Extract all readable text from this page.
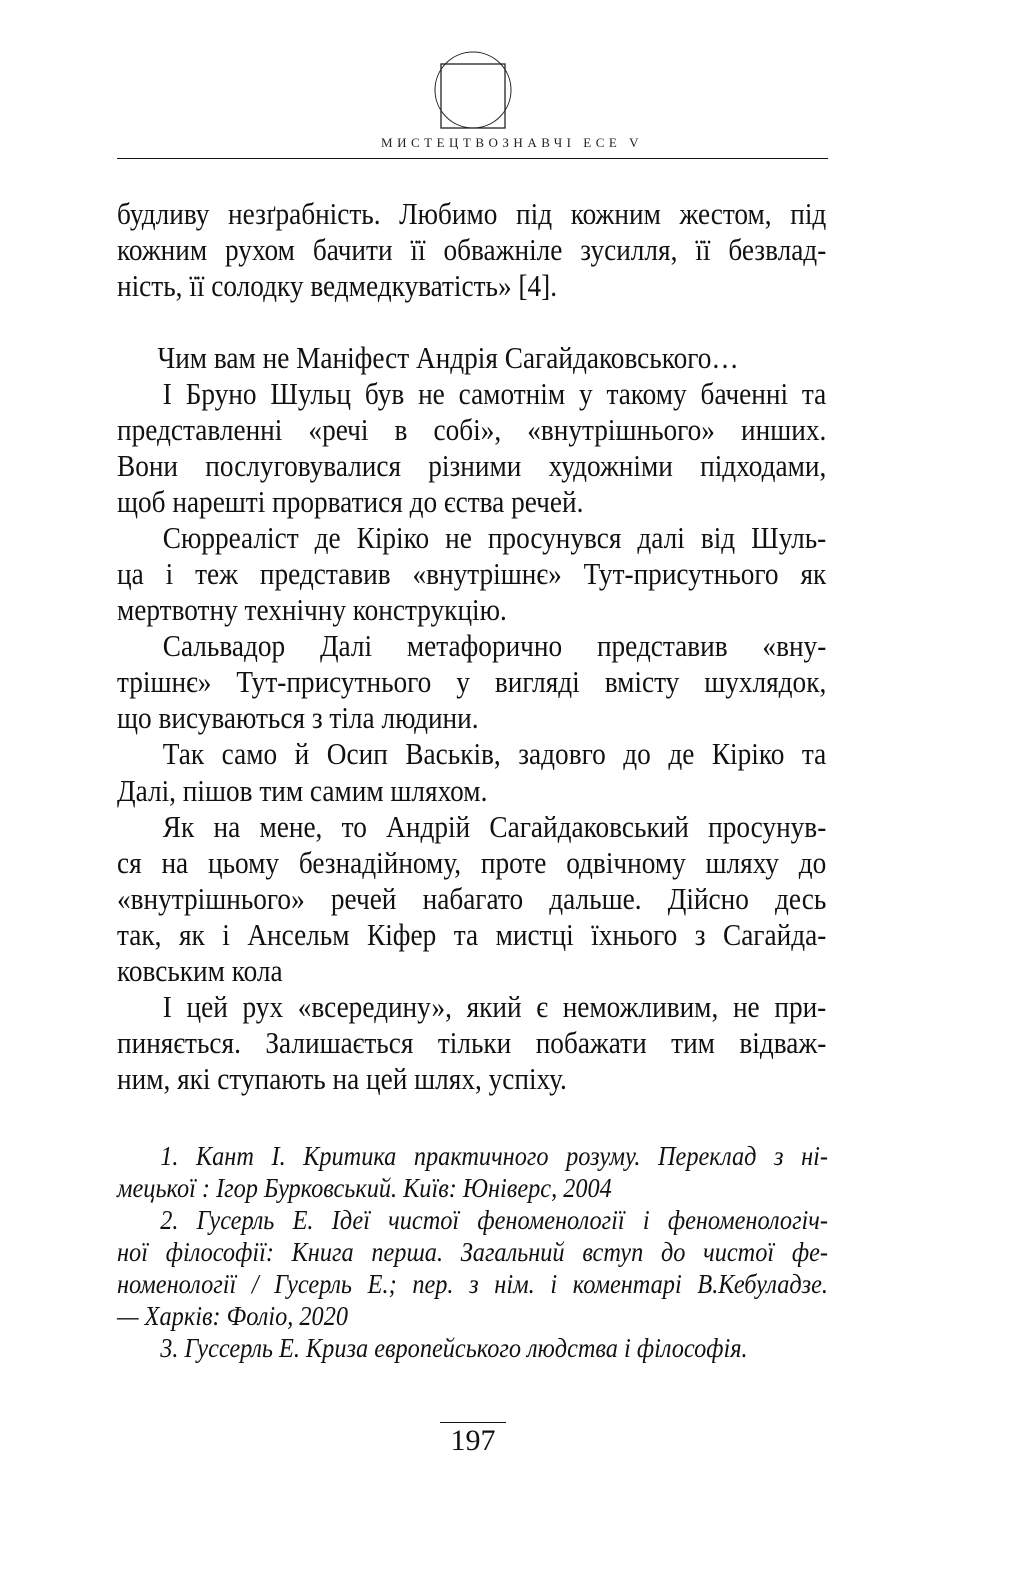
МИСТЕЦТВОЗНАВЧІ ЕСЕ V
будливу незґрабність. Любимо під кожним жестом, під
кожним рухом бачити її обважніле зусилля, її безвлад-
ність, її солодку ведмедкуватість» [4].
Чим вам не Маніфест Андрія Сагайдаковського…
І Бруно Шульц був не самотнім у такому баченні та
представленні «речі в собі», «внутрішнього» инших.
Вони послуговувалися різними художніми підходами,
щоб нарешті прорватися до єства речей.
Сюрреаліст де Кіріко не просунувся далі від Шуль-
ца і теж представив «внутрішнє» Тут-присутнього як
мертвотну технічну конструкцію.
Сальвадор Далі метафорично представив «вну-
трішнє» Тут-присутнього у вигляді вмісту шухлядок,
що висуваються з тіла людини.
Так само й Осип Васьків, задовго до де Кіріко та
Далі, пішов тим самим шляхом.
Як на мене, то Андрій Сагайдаковський просунув-
ся на цьому безнадійному, проте одвічному шляху до
«внутрішнього» речей набагато дальше. Дійсно десь
так, як і Ансельм Кіфер та мистці їхнього з Сагайда-
ковським кола
І цей рух «всередину», який є неможливим, не при-
пиняється. Залишається тільки побажати тим відваж-
ним, які ступають на цей шлях, успіху.
1. Кант І. Критика практичного розуму. Переклад з ні-
мецької : Ігор Бурковський. Київ: Юніверс, 2004
2. Гусерль Е. Ідеї чистої феноменології і феноменологіч-
ної філософії: Книга перша. Загальний вступ до чистої фе-
номенології / Гусерль Е.; пер. з нім. і коментарі В.Кебуладзе.
— Харків: Фоліо, 2020
3. Гуссерль Е. Криза европейського людства і філософія.
197
